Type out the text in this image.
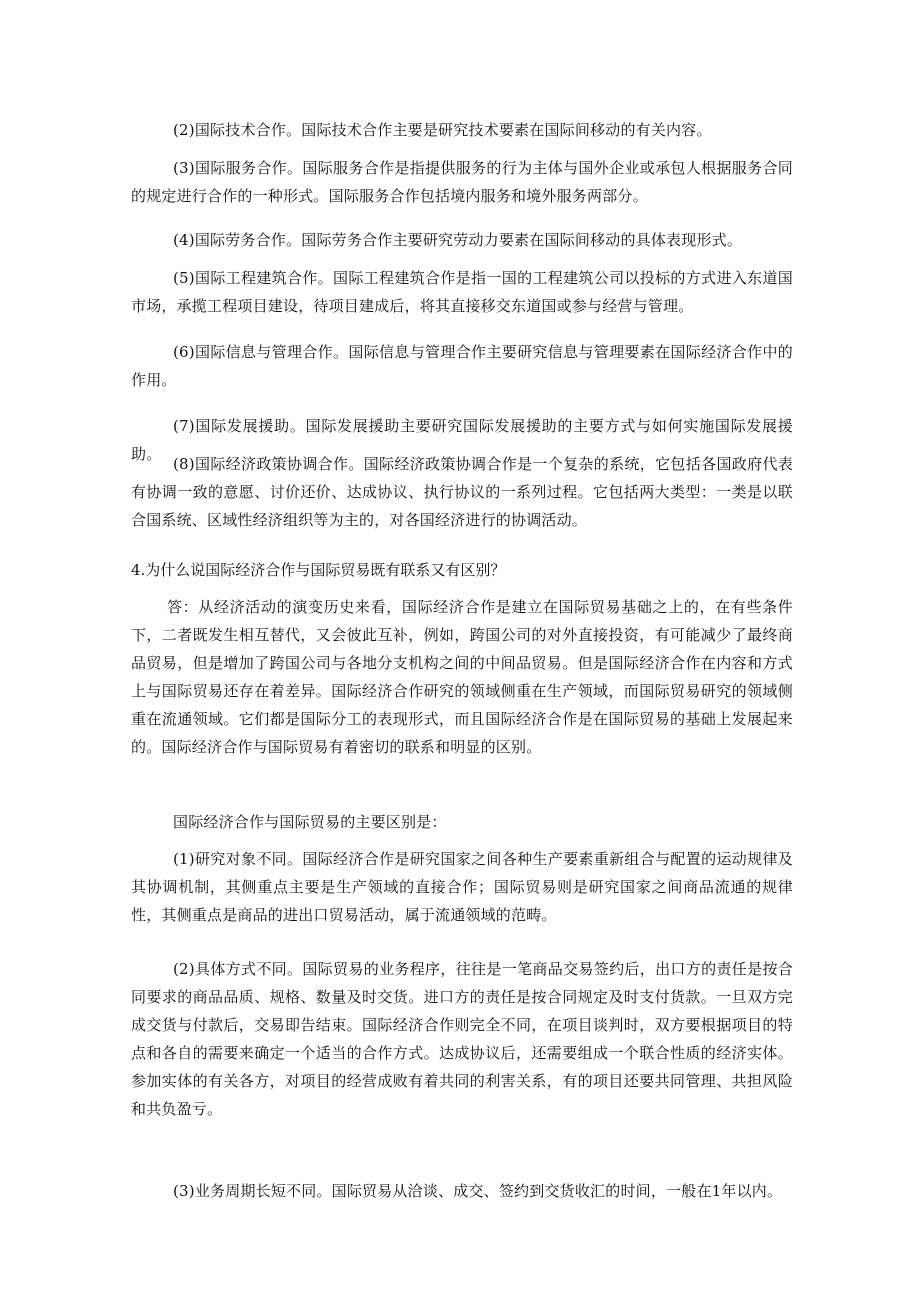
(2)国际技术合作。国际技术合作主要是研究技术要素在国际间移动的有关内容。

(3)国际服务合作。国际服务合作是指提供服务的行为主体与国外企业或承包人根据服务合同的规定进行合作的一种形式。国际服务合作包括境内服务和境外服务两部分。

(4)国际劳务合作。国际劳务合作主要研究劳动力要素在国际间移动的具体表现形式。

(5)国际工程建筑合作。国际工程建筑合作是指一国的工程建筑公司以投标的方式进入东道国市场，承揽工程项目建设，待项目建成后，将其直接移交东道国或参与经营与管理。

(6)国际信息与管理合作。国际信息与管理合作主要研究信息与管理要素在国际经济合作中的作用。

(7)国际发展援助。国际发展援助主要研究国际发展援助的主要方式与如何实施国际发展援助。

(8)国际经济政策协调合作。国际经济政策协调合作是一个复杂的系统，它包括各国政府代表有协调一致的意愿、讨价还价、达成协议、执行协议的一系列过程。它包括两大类型：一类是以联合国系统、区域性经济组织等为主的，对各国经济进行的协调活动。

4.为什么说国际经济合作与国际贸易既有联系又有区别？

答：从经济活动的演变历史来看，国际经济合作是建立在国际贸易基础之上的，在有些条件下，二者既发生相互替代，又会彼此互补，例如，跨国公司的对外直接投资，有可能减少了最终商品贸易，但是增加了跨国公司与各地分支机构之间的中间品贸易。但是国际经济合作在内容和方式上与国际贸易还存在着差异。国际经济合作研究的领域侧重在生产领域，而国际贸易研究的领域侧重在流通领域。它们都是国际分工的表现形式，而且国际经济合作是在国际贸易的基础上发展起来的。国际经济合作与国际贸易有着密切的联系和明显的区别。

国际经济合作与国际贸易的主要区别是：

(1)研究对象不同。国际经济合作是研究国家之间各种生产要素重新组合与配置的运动规律及其协调机制，其侧重点主要是生产领域的直接合作；国际贸易则是研究国家之间商品流通的规律性，其侧重点是商品的进出口贸易活动，属于流通领域的范畴。

(2)具体方式不同。国际贸易的业务程序，往往是一笔商品交易签约后，出口方的责任是按合同要求的商品品质、规格、数量及时交货。进口方的责任是按合同规定及时支付货款。一旦双方完成交货与付款后，交易即告结束。国际经济合作则完全不同，在项目谈判时，双方要根据项目的特点和各自的需要来确定一个适当的合作方式。达成协议后，还需要组成一个联合性质的经济实体。参加实体的有关各方，对项目的经营成败有着共同的利害关系，有的项目还要共同管理、共担风险和共负盈亏。

(3)业务周期长短不同。国际贸易从洽谈、成交、签约到交货收汇的时间，一般在1年以内。
